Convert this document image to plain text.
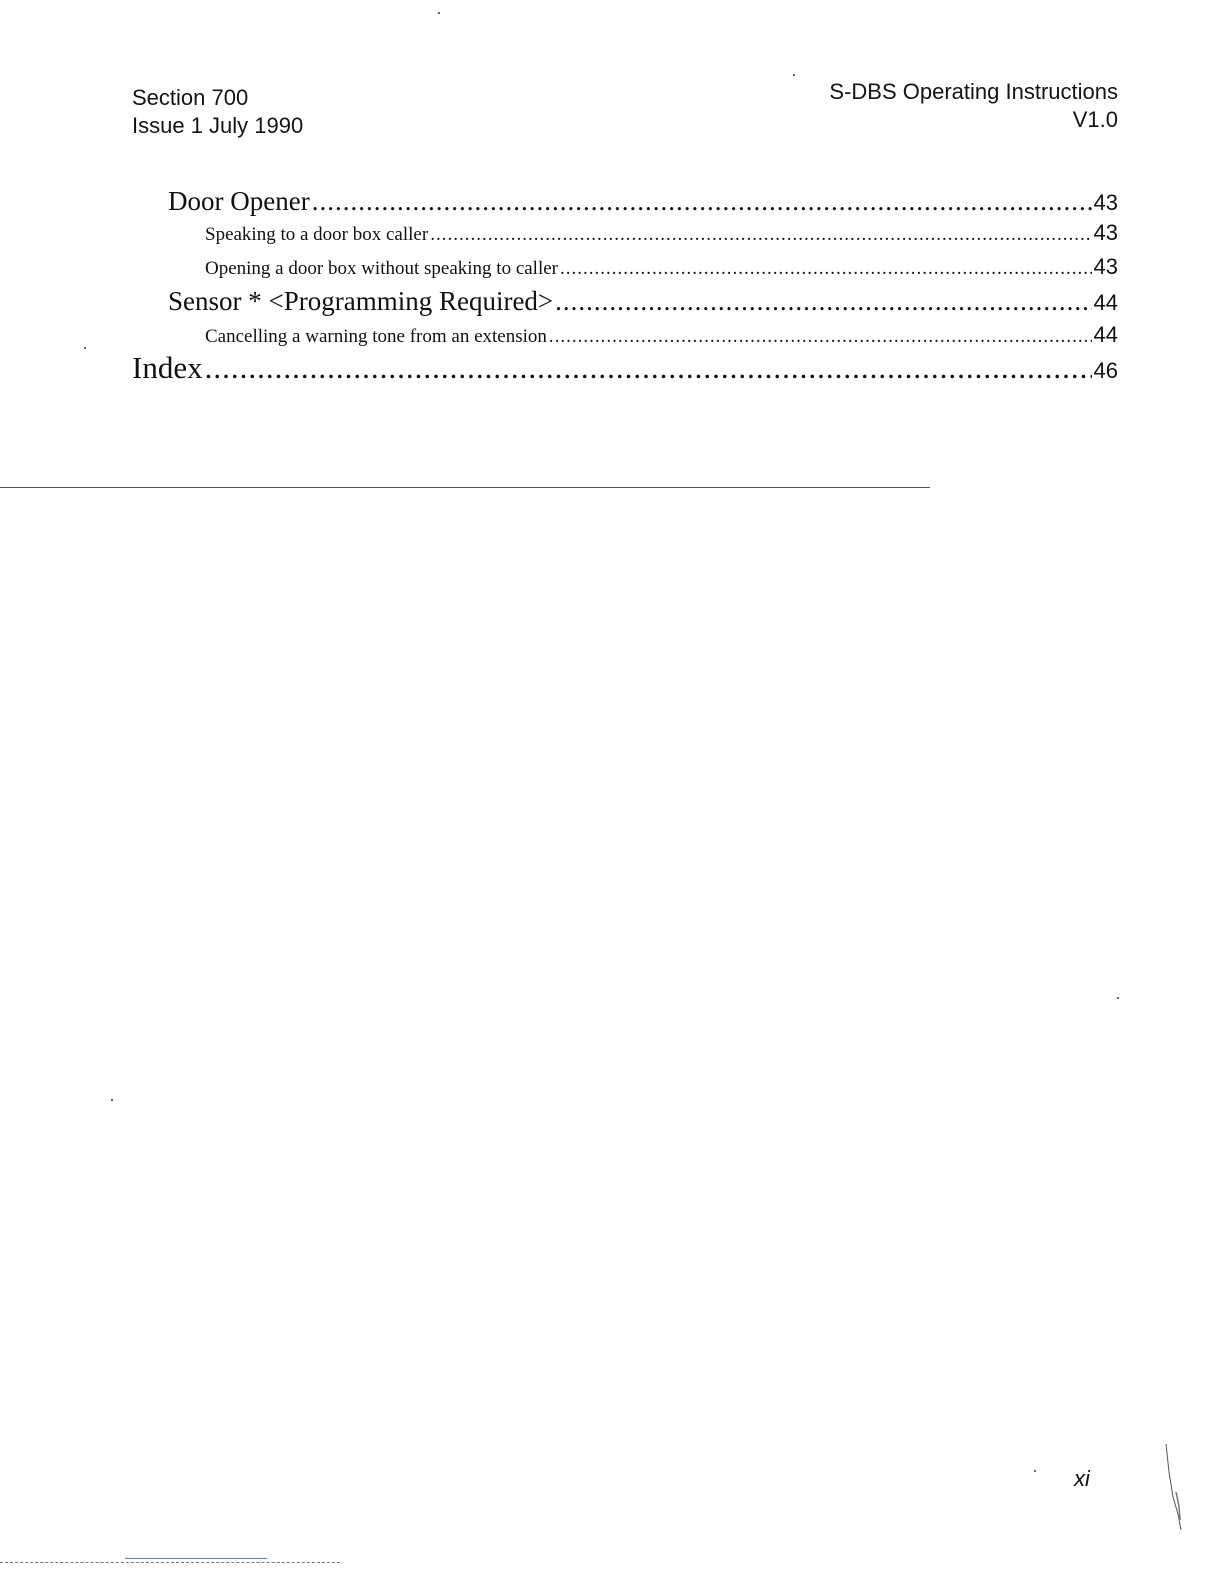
Section 700
Issue 1 July 1990
S-DBS Operating Instructions
V1.0
Door Opener .....	43
Speaking to a door box caller .....	43
Opening a door box without speaking to caller .....	43
Sensor * <Programming Required> .....	44
Cancelling a warning tone from an extension .....	44
Index .....	46
xi
